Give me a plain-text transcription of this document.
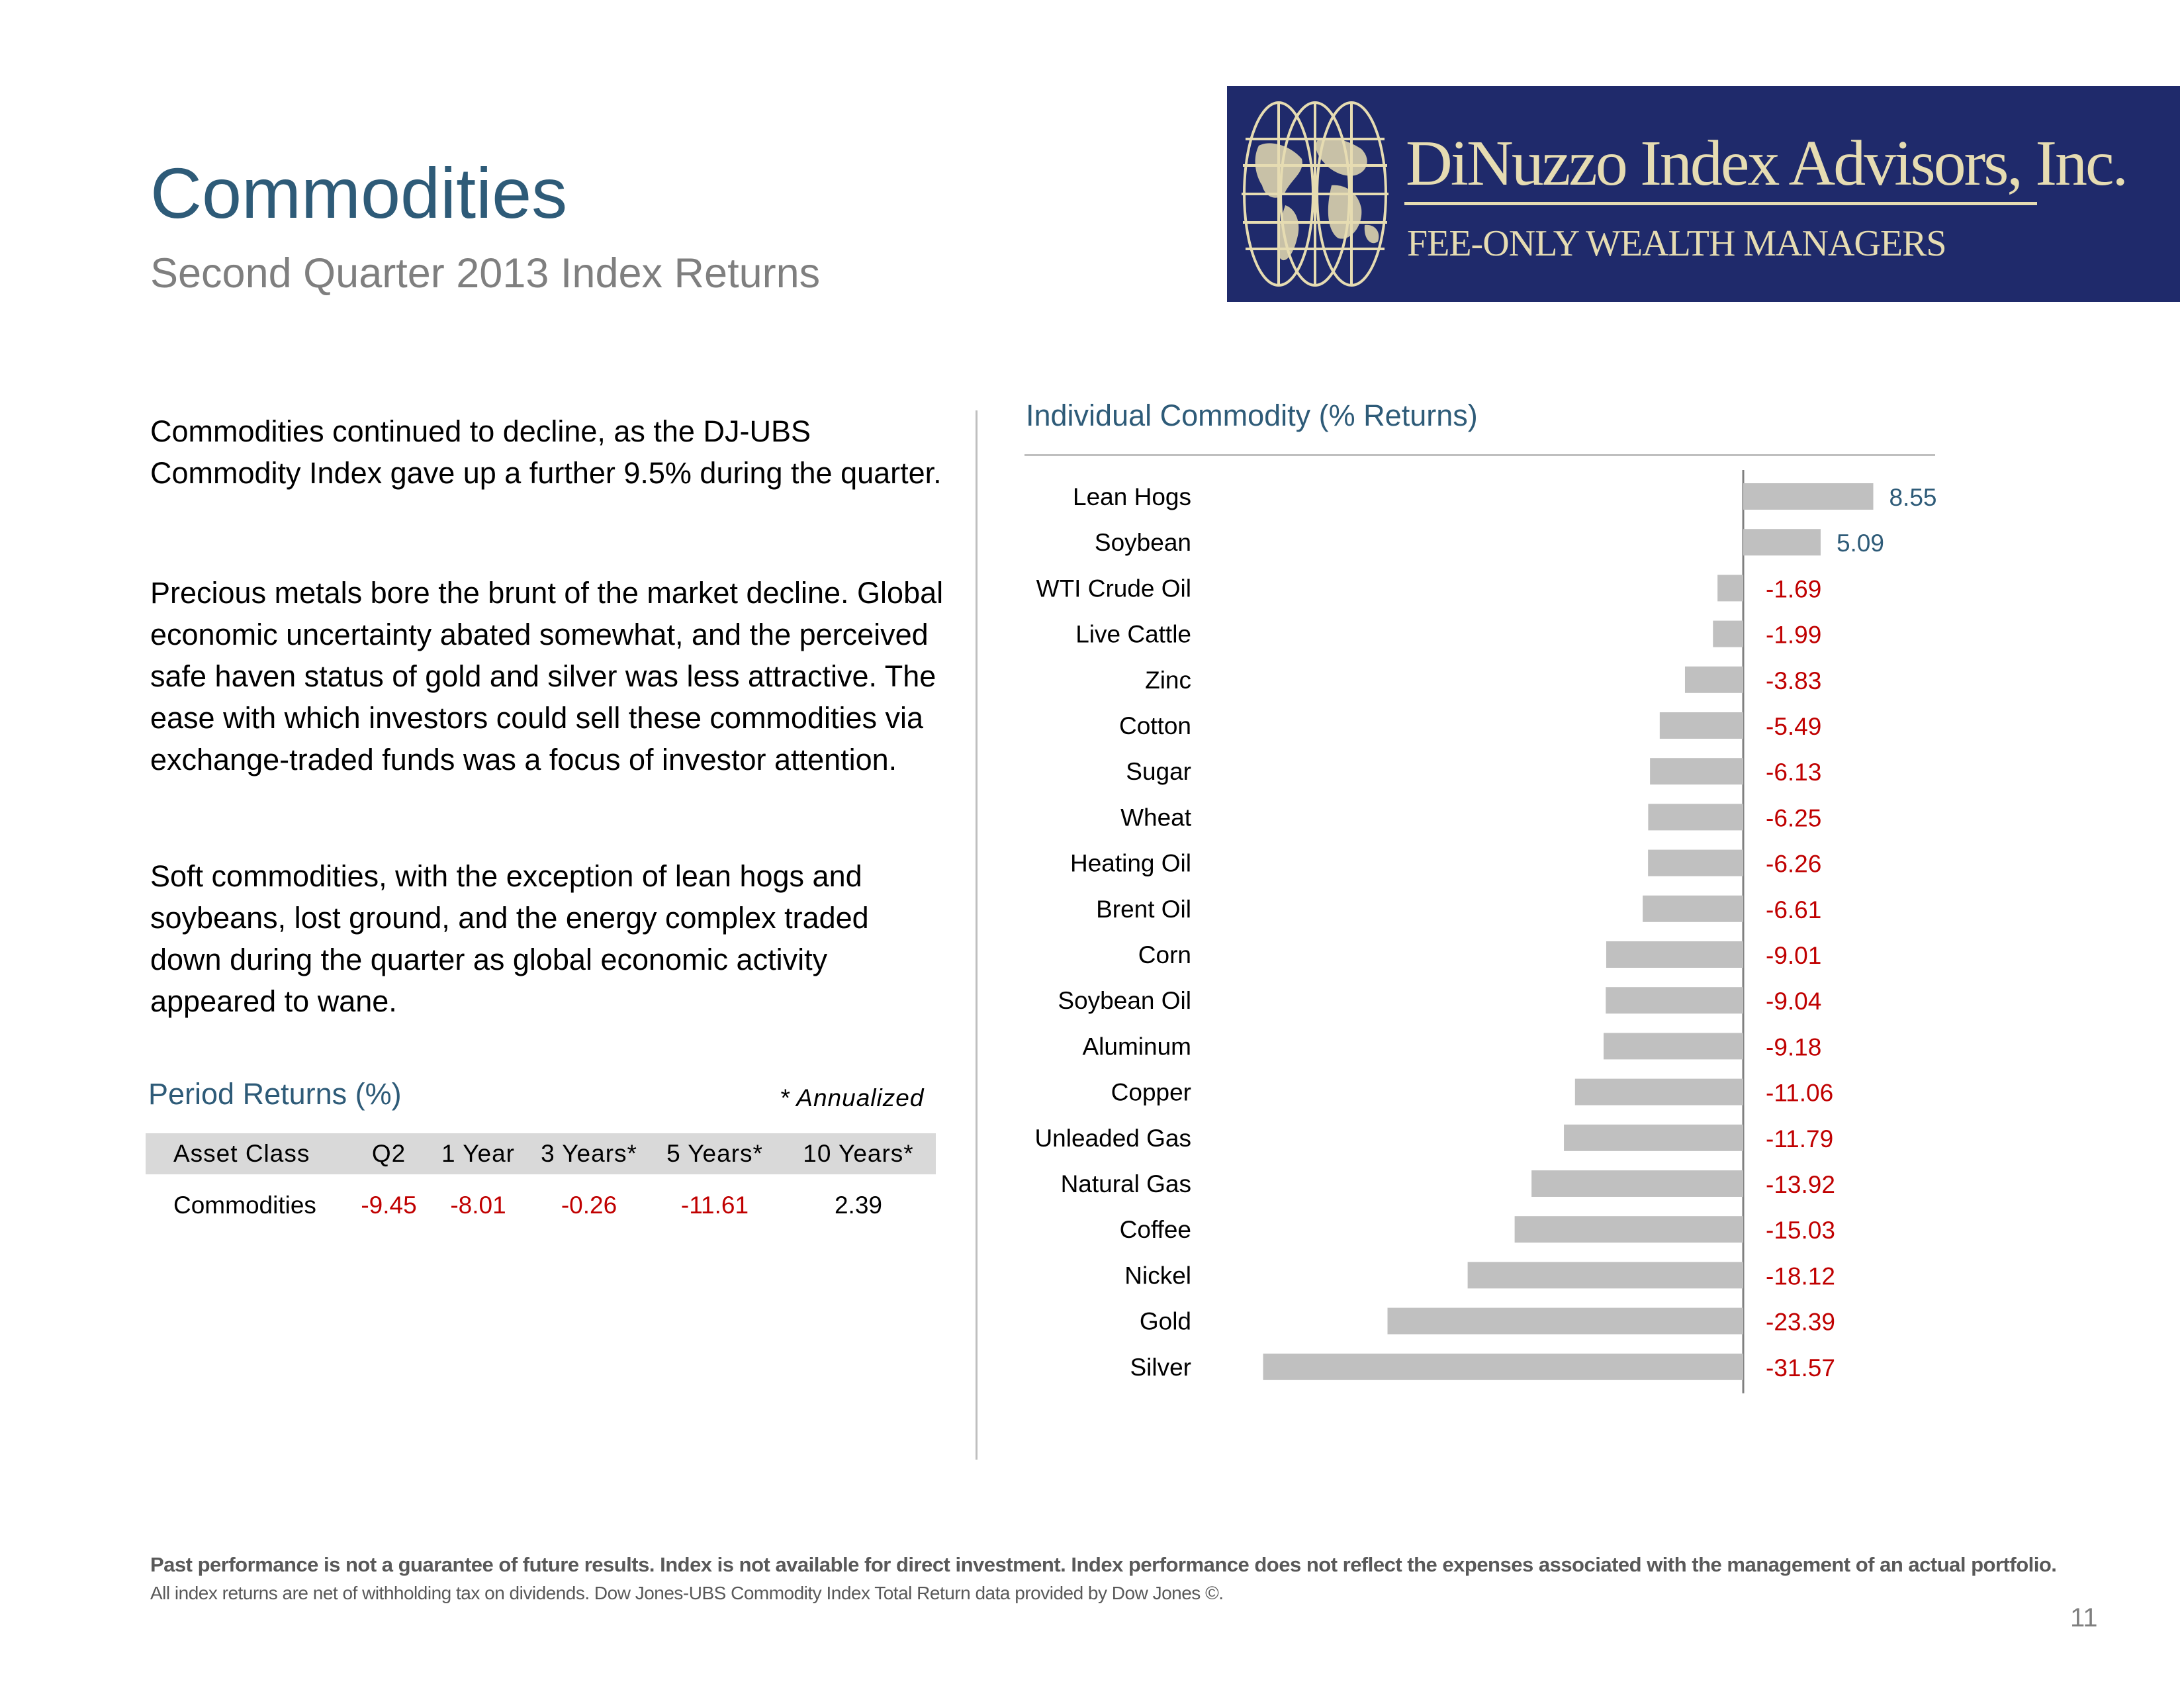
Commodities
Second Quarter 2013 Index Returns
DiNuzzo Index Advisors, Inc.
FEE-ONLY WEALTH MANAGERS
Commodities continued to decline, as the DJ-UBS Commodity Index gave up a further 9.5% during the quarter.
Precious metals bore the brunt of the market decline. Global economic uncertainty abated somewhat, and the perceived safe haven status of gold and silver was less attractive. The ease with which investors could sell these commodities via exchange-traded funds was a focus of investor attention.
Soft commodities, with the exception of lean hogs and soybeans, lost ground, and the energy complex traded down during the quarter as global economic activity appeared to wane.
Period Returns (%)	* Annualized
Asset Class	Q2	1 Year	3 Years*	5 Years*	10 Years*
Commodities	-9.45	-8.01	-0.26	-11.61	2.39
Individual Commodity (% Returns)
Lean Hogs	8.55
Soybean	5.09
WTI Crude Oil	-1.69
Live Cattle	-1.99
Zinc	-3.83
Cotton	-5.49
Sugar	-6.13
Wheat	-6.25
Heating Oil	-6.26
Brent Oil	-6.61
Corn	-9.01
Soybean Oil	-9.04
Aluminum	-9.18
Copper	-11.06
Unleaded Gas	-11.79
Natural Gas	-13.92
Coffee	-15.03
Nickel	-18.12
Gold	-23.39
Silver	-31.57
Past performance is not a guarantee of future results. Index is not available for direct investment. Index performance does not reflect the expenses associated with the management of an actual portfolio.
All index returns are net of withholding tax on dividends. Dow Jones-UBS Commodity Index Total Return data provided by Dow Jones ©.
11
